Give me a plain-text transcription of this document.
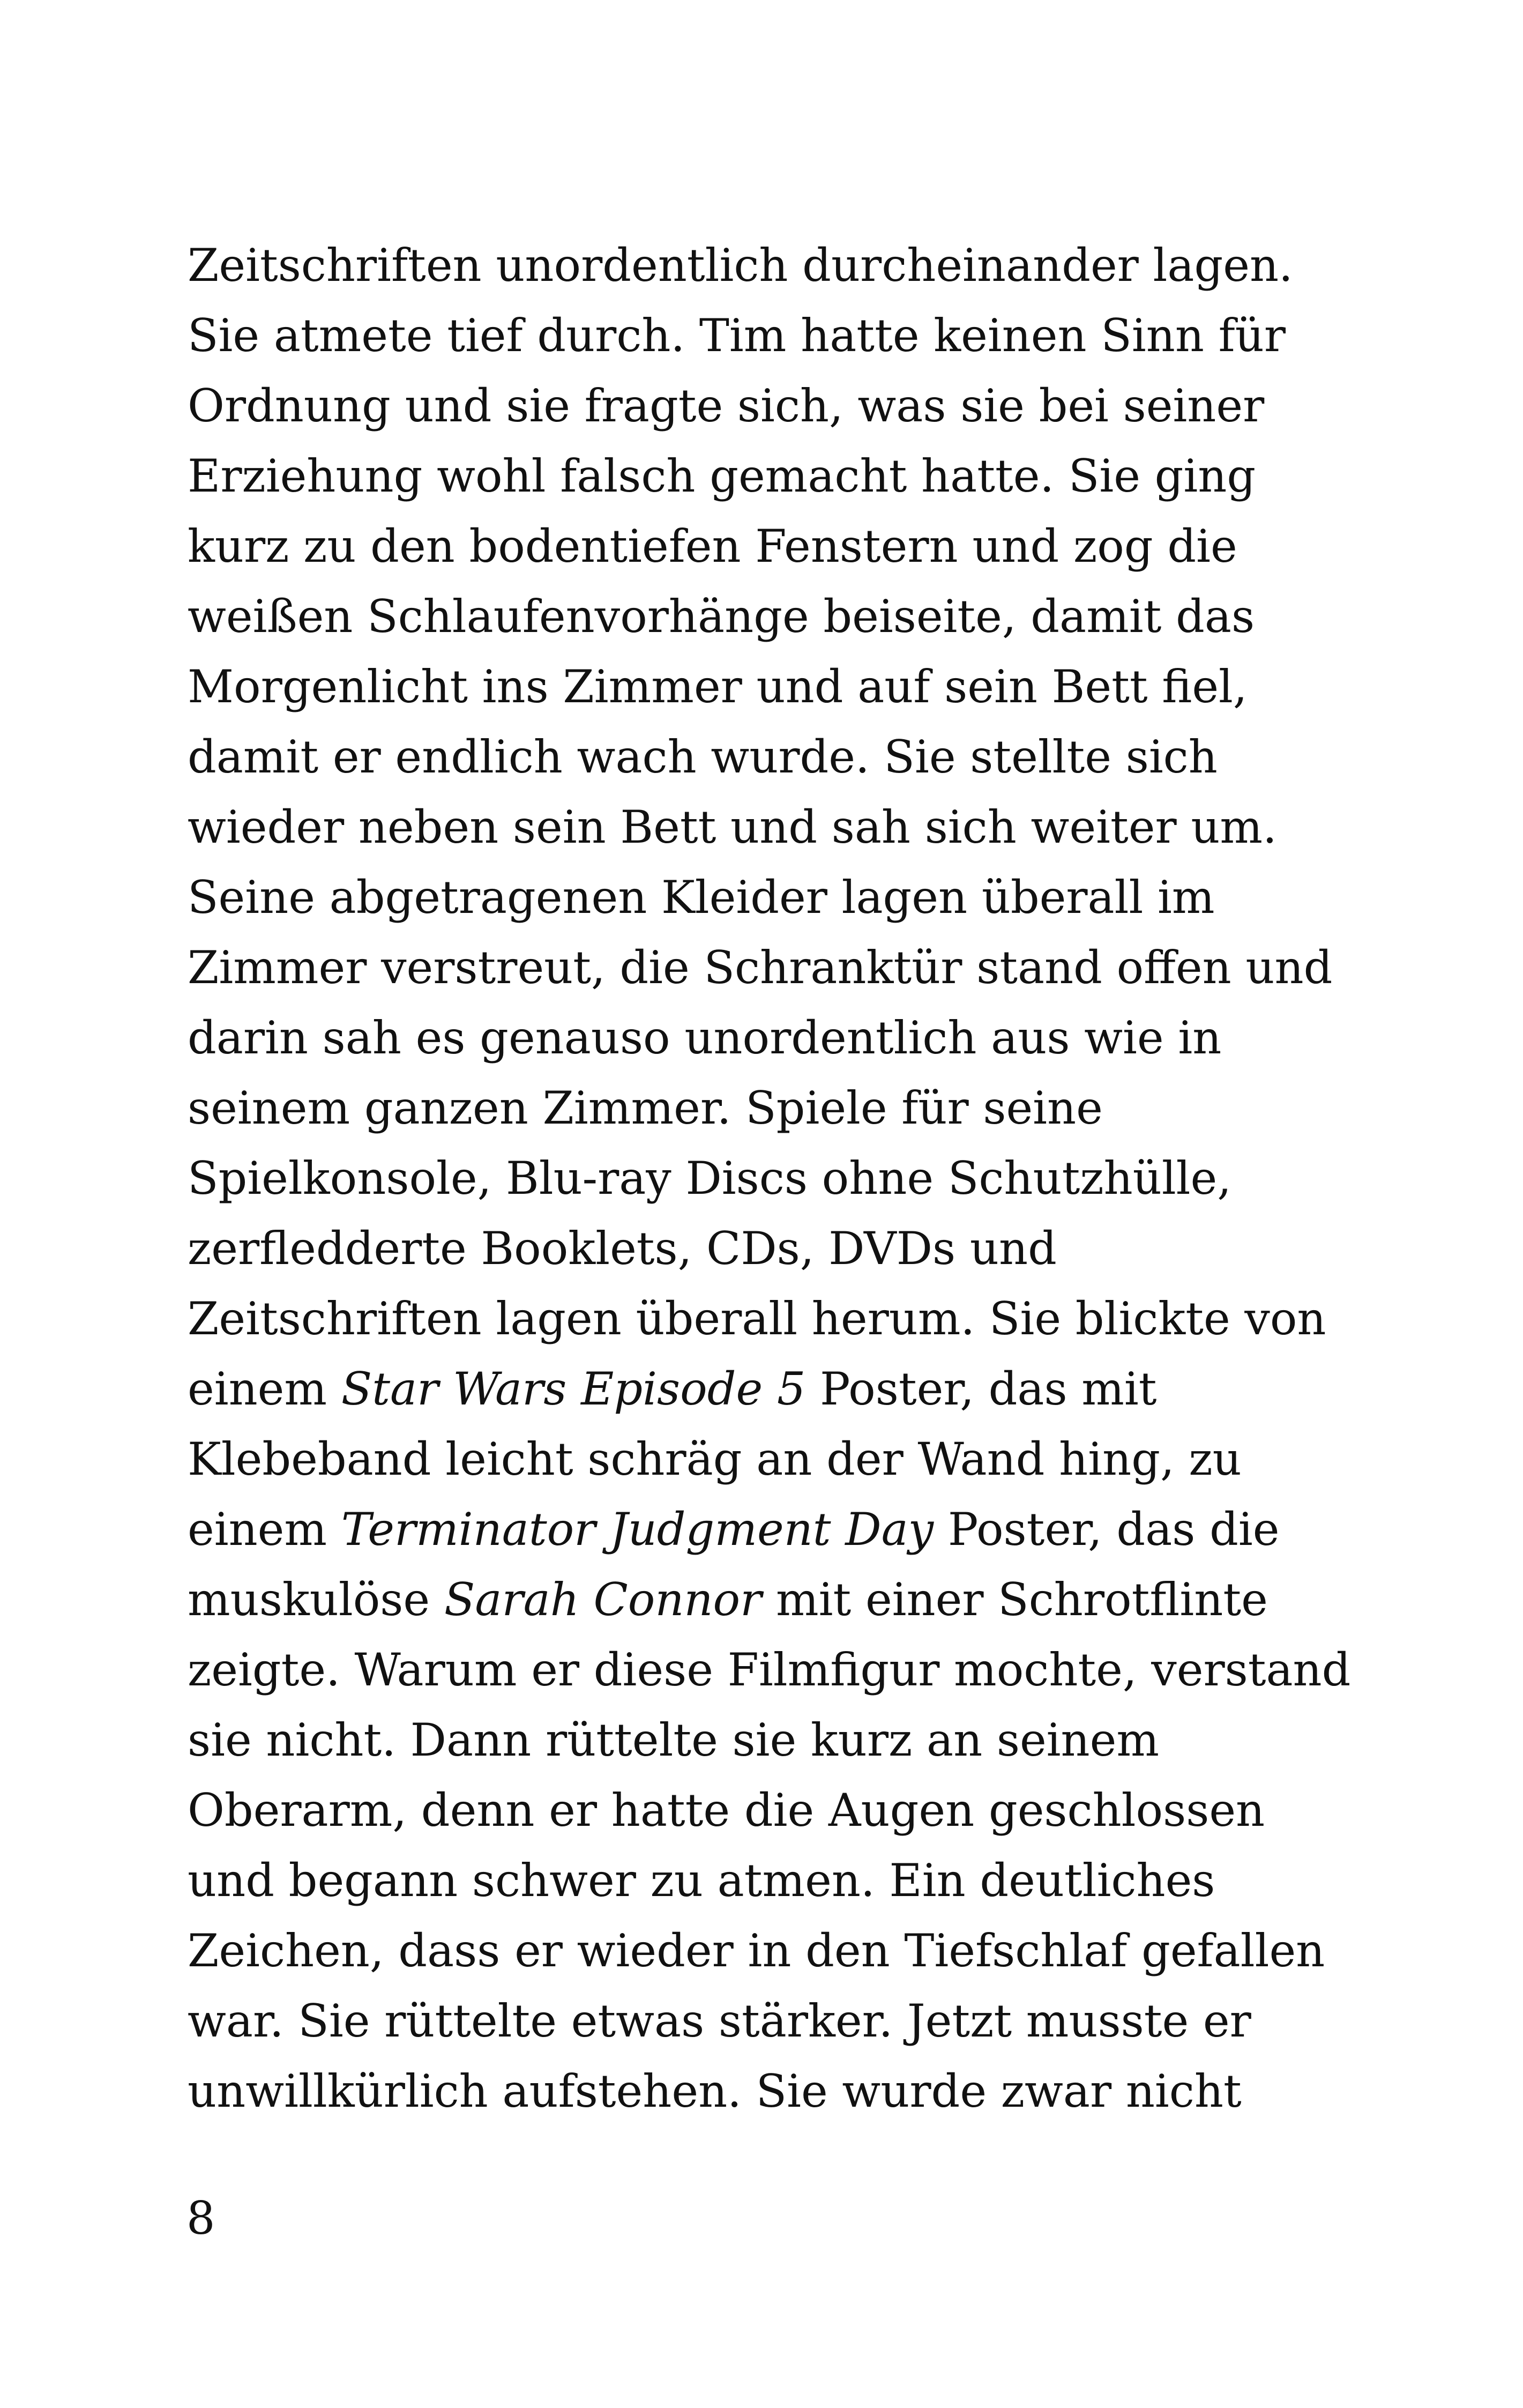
Zeitschriften unordentlich durcheinander lagen.
Sie atmete tief durch. Tim hatte keinen Sinn für
Ordnung und sie fragte sich, was sie bei seiner
Erziehung wohl falsch gemacht hatte. Sie ging
kurz zu den bodentiefen Fenstern und zog die
weißen Schlaufenvorhänge beiseite, damit das
Morgenlicht ins Zimmer und auf sein Bett fiel,
damit er endlich wach wurde. Sie stellte sich
wieder neben sein Bett und sah sich weiter um.
Seine abgetragenen Kleider lagen überall im
Zimmer verstreut, die Schranktür stand offen und
darin sah es genauso unordentlich aus wie in
seinem ganzen Zimmer. Spiele für seine
Spielkonsole, Blu-ray Discs ohne Schutzhülle,
zerfledderte Booklets, CDs, DVDs und
Zeitschriften lagen überall herum. Sie blickte von
einem Star Wars Episode 5 Poster, das mit
Klebeband leicht schräg an der Wand hing, zu
einem Terminator Judgment Day Poster, das die
muskulöse Sarah Connor mit einer Schrotflinte
zeigte. Warum er diese Filmfigur mochte, verstand
sie nicht. Dann rüttelte sie kurz an seinem
Oberarm, denn er hatte die Augen geschlossen
und begann schwer zu atmen. Ein deutliches
Zeichen, dass er wieder in den Tiefschlaf gefallen
war. Sie rüttelte etwas stärker. Jetzt musste er
unwillkürlich aufstehen. Sie wurde zwar nicht
8
